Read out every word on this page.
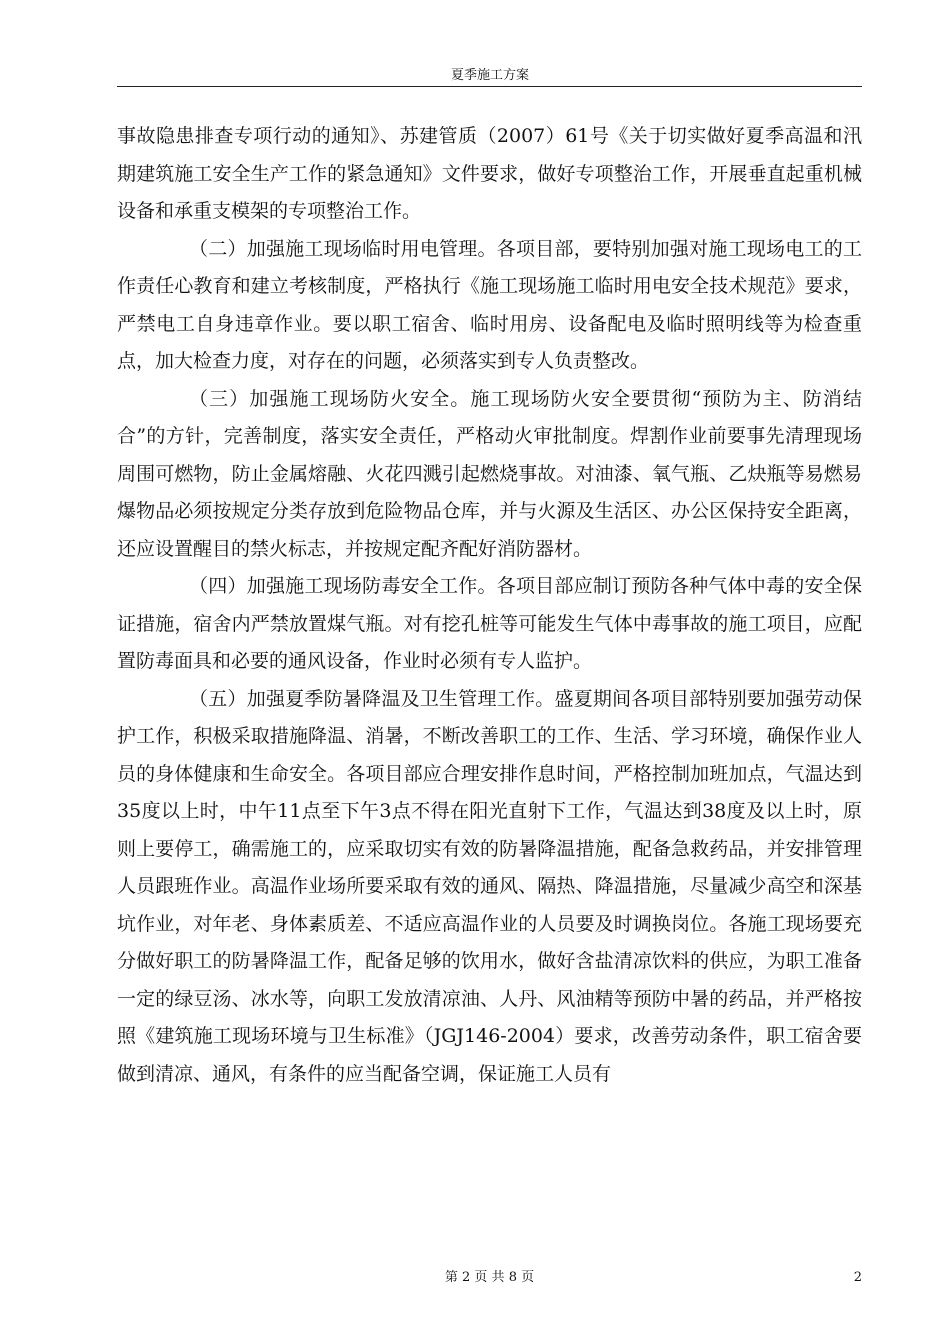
夏季施工方案

事故隐患排查专项行动的通知》、苏建管质（2007）61号《关于切实做好夏季高温和汛期建筑施工安全生产工作的紧急通知》文件要求，做好专项整治工作，开展垂直起重机械设备和承重支模架的专项整治工作。

（二）加强施工现场临时用电管理。各项目部，要特别加强对施工现场电工的工作责任心教育和建立考核制度，严格执行《施工现场施工临时用电安全技术规范》要求，严禁电工自身违章作业。要以职工宿舍、临时用房、设备配电及临时照明线等为检查重点，加大检查力度，对存在的问题，必须落实到专人负责整改。

（三）加强施工现场防火安全。施工现场防火安全要贯彻“预防为主、防消结合”的方针，完善制度，落实安全责任，严格动火审批制度。焊割作业前要事先清理现场周围可燃物，防止金属熔融、火花四溅引起燃烧事故。对油漆、氧气瓶、乙炔瓶等易燃易爆物品必须按规定分类存放到危险物品仓库，并与火源及生活区、办公区保持安全距离，还应设置醒目的禁火标志，并按规定配齐配好消防器材。

（四）加强施工现场防毒安全工作。各项目部应制订预防各种气体中毒的安全保证措施，宿舍内严禁放置煤气瓶。对有挖孔桩等可能发生气体中毒事故的施工项目，应配置防毒面具和必要的通风设备，作业时必须有专人监护。

（五）加强夏季防暑降温及卫生管理工作。盛夏期间各项目部特别要加强劳动保护工作，积极采取措施降温、消暑，不断改善职工的工作、生活、学习环境，确保作业人员的身体健康和生命安全。各项目部应合理安排作息时间，严格控制加班加点，气温达到35度以上时，中午11点至下午3点不得在阳光直射下工作，气温达到38度及以上时，原则上要停工，确需施工的，应采取切实有效的防暑降温措施，配备急救药品，并安排管理人员跟班作业。高温作业场所要采取有效的通风、隔热、降温措施，尽量减少高空和深基坑作业，对年老、身体素质差、不适应高温作业的人员要及时调换岗位。各施工现场要充分做好职工的防暑降温工作，配备足够的饮用水，做好含盐清凉饮料的供应，为职工准备一定的绿豆汤、冰水等，向职工发放清凉油、人丹、风油精等预防中暑的药品，并严格按照《建筑施工现场环境与卫生标准》（JGJ146-2004）要求，改善劳动条件，职工宿舍要做到清凉、通风，有条件的应当配备空调，保证施工人员有

第 2 页 共 8 页	2
